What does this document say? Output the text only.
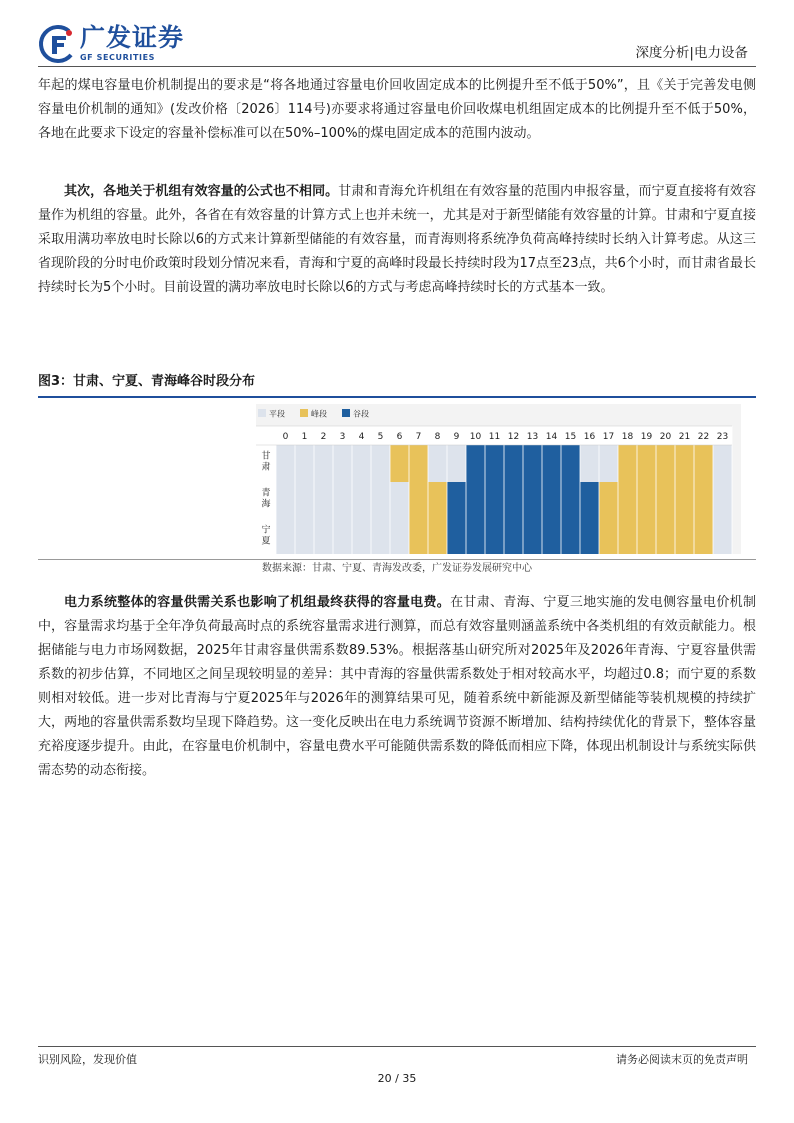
广发证券
GF SECURITIES	深度分析|电力设备
年起的煤电容量电价机制提出的要求是“将各地通过容量电价回收固定成本的比例提升至不低于50%”，且《关于完善发电侧容量电价机制的通知》(发改价格〔2026〕114号)亦要求将通过容量电价回收煤电机组固定成本的比例提升至不低于50%，各地在此要求下设定的容量补偿标准可以在50%–100%的煤电固定成本的范围内波动。
其次，各地关于机组有效容量的公式也不相同。甘肃和青海允许机组在有效容量的范围内申报容量，而宁夏直接将有效容量作为机组的容量。此外，各省在有效容量的计算方式上也并未统一，尤其是对于新型储能有效容量的计算。甘肃和宁夏直接采取用满功率放电时长除以6的方式来计算新型储能的有效容量，而青海则将系统净负荷高峰持续时长纳入计算考虑。从这三省现阶段的分时电价政策时段划分情况来看，青海和宁夏的高峰时段最长持续时段为17点至23点，共6个小时，而甘肃省最长持续时长为5个小时。目前设置的满功率放电时长除以6的方式与考虑高峰持续时长的方式基本一致。
图3：甘肃、宁夏、青海峰谷时段分布
平段	峰段	谷段
0 1 2 3 4 5 6 7 8 9 10 11 12 13 14 15 16 17 18 19 20 21 22 23
甘
肃
青
海
宁
夏
数据来源：甘肃、宁夏、青海发改委，广发证券发展研究中心
电力系统整体的容量供需关系也影响了机组最终获得的容量电费。在甘肃、青海、宁夏三地实施的发电侧容量电价机制中，容量需求均基于全年净负荷最高时点的系统容量需求进行测算，而总有效容量则涵盖系统中各类机组的有效贡献能力。根据储能与电力市场网数据，2025年甘肃容量供需系数89.53%。根据落基山研究所对2025年及2026年青海、宁夏容量供需系数的初步估算，不同地区之间呈现较明显的差异：其中青海的容量供需系数处于相对较高水平，均超过0.8；而宁夏的系数则相对较低。进一步对比青海与宁夏2025年与2026年的测算结果可见，随着系统中新能源及新型储能等装机规模的持续扩大，两地的容量供需系数均呈现下降趋势。这一变化反映出在电力系统调节资源不断增加、结构持续优化的背景下，整体容量充裕度逐步提升。由此，在容量电价机制中，容量电费水平可能随供需系数的降低而相应下降，体现出机制设计与系统实际供需态势的动态衔接。
识别风险，发现价值	请务必阅读末页的免责声明
20 / 35
